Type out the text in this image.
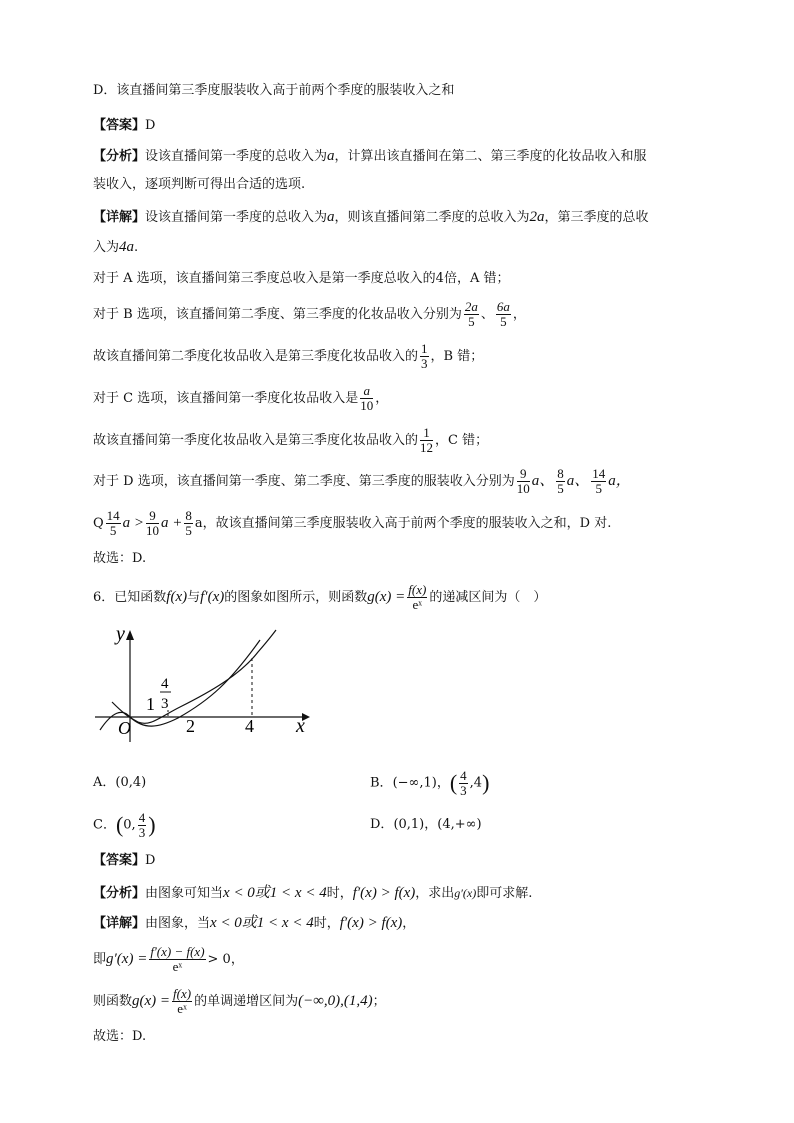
D．该直播间第三季度服装收入高于前两个季度的服装收入之和
【答案】D
【分析】设该直播间第一季度的总收入为a，计算出该直播间在第二、第三季度的化妆品收入和服
装收入，逐项判断可得出合适的选项.
【详解】设该直播间第一季度的总收入为a，则该直播间第二季度的总收入为2a，第三季度的总收
入为4a.
对于 A 选项，该直播间第三季度总收入是第一季度总收入的4倍，A 错；
对于 B 选项，该直播间第二季度、第三季度的化妆品收入分别为 $\frac{2a}{5}$ 、 $\frac{6a}{5}$ ，
故该直播间第二季度化妆品收入是第三季度化妆品收入的 $\frac{1}{3}$ ，B 错；
对于 C 选项，该直播间第一季度化妆品收入是 $\frac{a}{10}$ ，
故该直播间第一季度化妆品收入是第三季度化妆品收入的 $\frac{1}{12}$ ，C 错；
对于 D 选项，该直播间第一季度、第二季度、第三季度的服装收入分别为 $\frac{9}{10}$ a、 $\frac{8}{5}$ a、 $\frac{14}{5}$ a，
Q $\frac{14}{5}$ $a > \frac{9}{10}$ $a + \frac{8}{5}$ a，故该直播间第三季度服装收入高于前两个季度的服装收入之和，D 对.
故选：D.
6．已知函数f(x)与f′(x)的图象如图所示，则函数$g(x) = \frac{f(x)}{\text{eˣ}}$ 的递减区间为（　）
y
x
O
1
4
3
2	4
A．(0,4)	B．(−∞,1)，( $\frac{4}{3} ,4$)
C．(0, $\frac{4}{3}$ )	D．(0,1)，(4,+∞)
【答案】D
【分析】由图象可知当x < 0或1 < x < 4时，f′(x) > f(x)，求出g′(x)即可求解.
【详解】由图象，当x < 0或1 < x < 4时，f′(x) > f(x)，
即$g'(x) = \frac{f'(x) - f(x)}{\text{eˣ}} > 0$，
则函数$g(x) = \frac{f(x)}{\text{eˣ}}$ 的单调递增区间为(−∞,0),(1,4)；
故选：D.
